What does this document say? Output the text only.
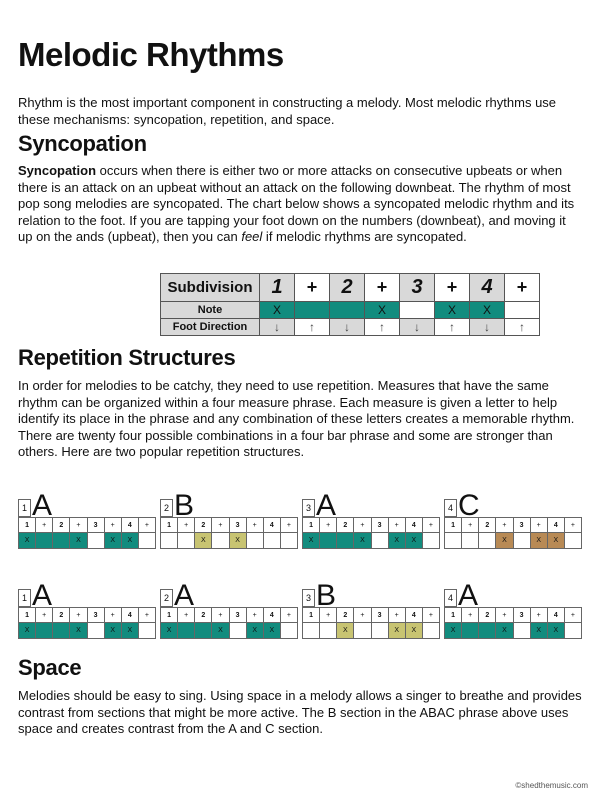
Melodic Rhythms

Rhythm is the most important component in constructing a melody. Most melodic rhythms use these mechanisms: syncopation, repetition, and space.

Syncopation

Syncopation occurs when there is either two or more attacks on consecutive upbeats or when there is an attack on an upbeat without an attack on the following downbeat. The rhythm of most pop song melodies are syncopated. The chart below shows a syncopated melodic rhythm and its relation to the foot. If you are tapping your foot down on the numbers (downbeat), and moving it up on the ands (upbeat), then you can feel if melodic rhythms are syncopated.

Subdivision	1	+	2	+	3	+	4	+
Note	X			X		X	X	
Foot Direction	↓	↑	↓	↑	↓	↑	↓	↑
Repetition Structures

In order for melodies to be catchy, they need to use repetition. Measures that have the same rhythm can be organized within a four measure phrase. Each measure is given a letter to help identify its place in the phrase and any combination of these letters creates a memorable rhythm. There are twenty four possible combinations in a four bar phrase and some are stronger than others. Here are two popular repetition structures.

1 A
1	+	2	+	3	+	4	+
X			X		X	X	
2 B
1	+	2	+	3	+	4	+
		X		X			
3 A
1	+	2	+	3	+	4	+
X			X		X	X	
4 C
1	+	2	+	3	+	4	+
			X		X	X	
1 A
1	+	2	+	3	+	4	+
X			X		X	X	
2 A
1	+	2	+	3	+	4	+
X			X		X	X	
3 B
1	+	2	+	3	+	4	+
		X			X	X	
4 A
1	+	2	+	3	+	4	+
X			X		X	X	
Space

Melodies should be easy to sing. Using space in a melody allows a singer to breathe and provides contrast from sections that might be more active. The B section in the ABAC phrase above uses space and creates contrast from the A and C section.

©shedthemusic.com
